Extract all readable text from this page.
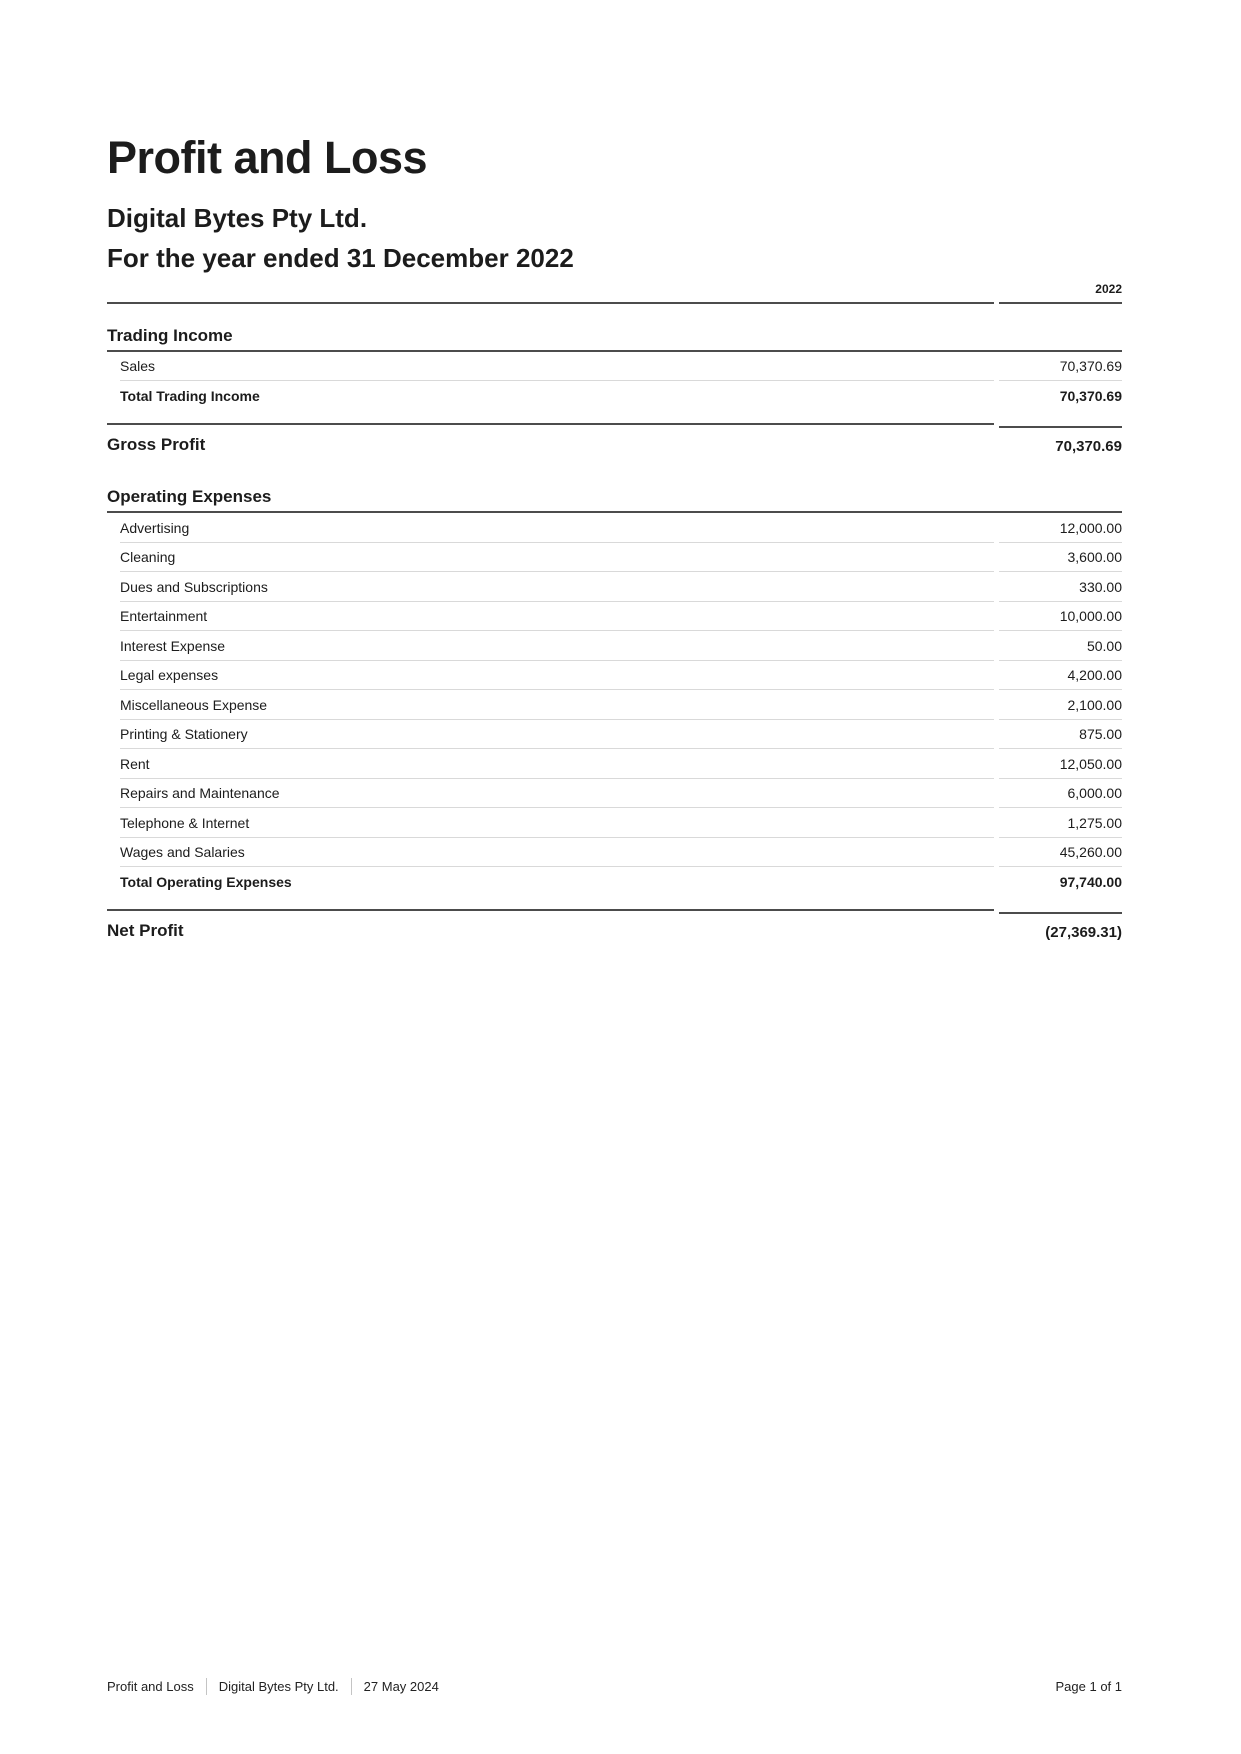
Profit and Loss
Digital Bytes Pty Ltd.
For the year ended 31 December 2022
2022
Trading Income
Sales	70,370.69
Total Trading Income	70,370.69
Gross Profit	70,370.69
Operating Expenses
Advertising	12,000.00
Cleaning	3,600.00
Dues and Subscriptions	330.00
Entertainment	10,000.00
Interest Expense	50.00
Legal expenses	4,200.00
Miscellaneous Expense	2,100.00
Printing & Stationery	875.00
Rent	12,050.00
Repairs and Maintenance	6,000.00
Telephone & Internet	1,275.00
Wages and Salaries	45,260.00
Total Operating Expenses	97,740.00
Net Profit	(27,369.31)
Profit and Loss Digital Bytes Pty Ltd. 27 May 2024	Page 1 of 1
